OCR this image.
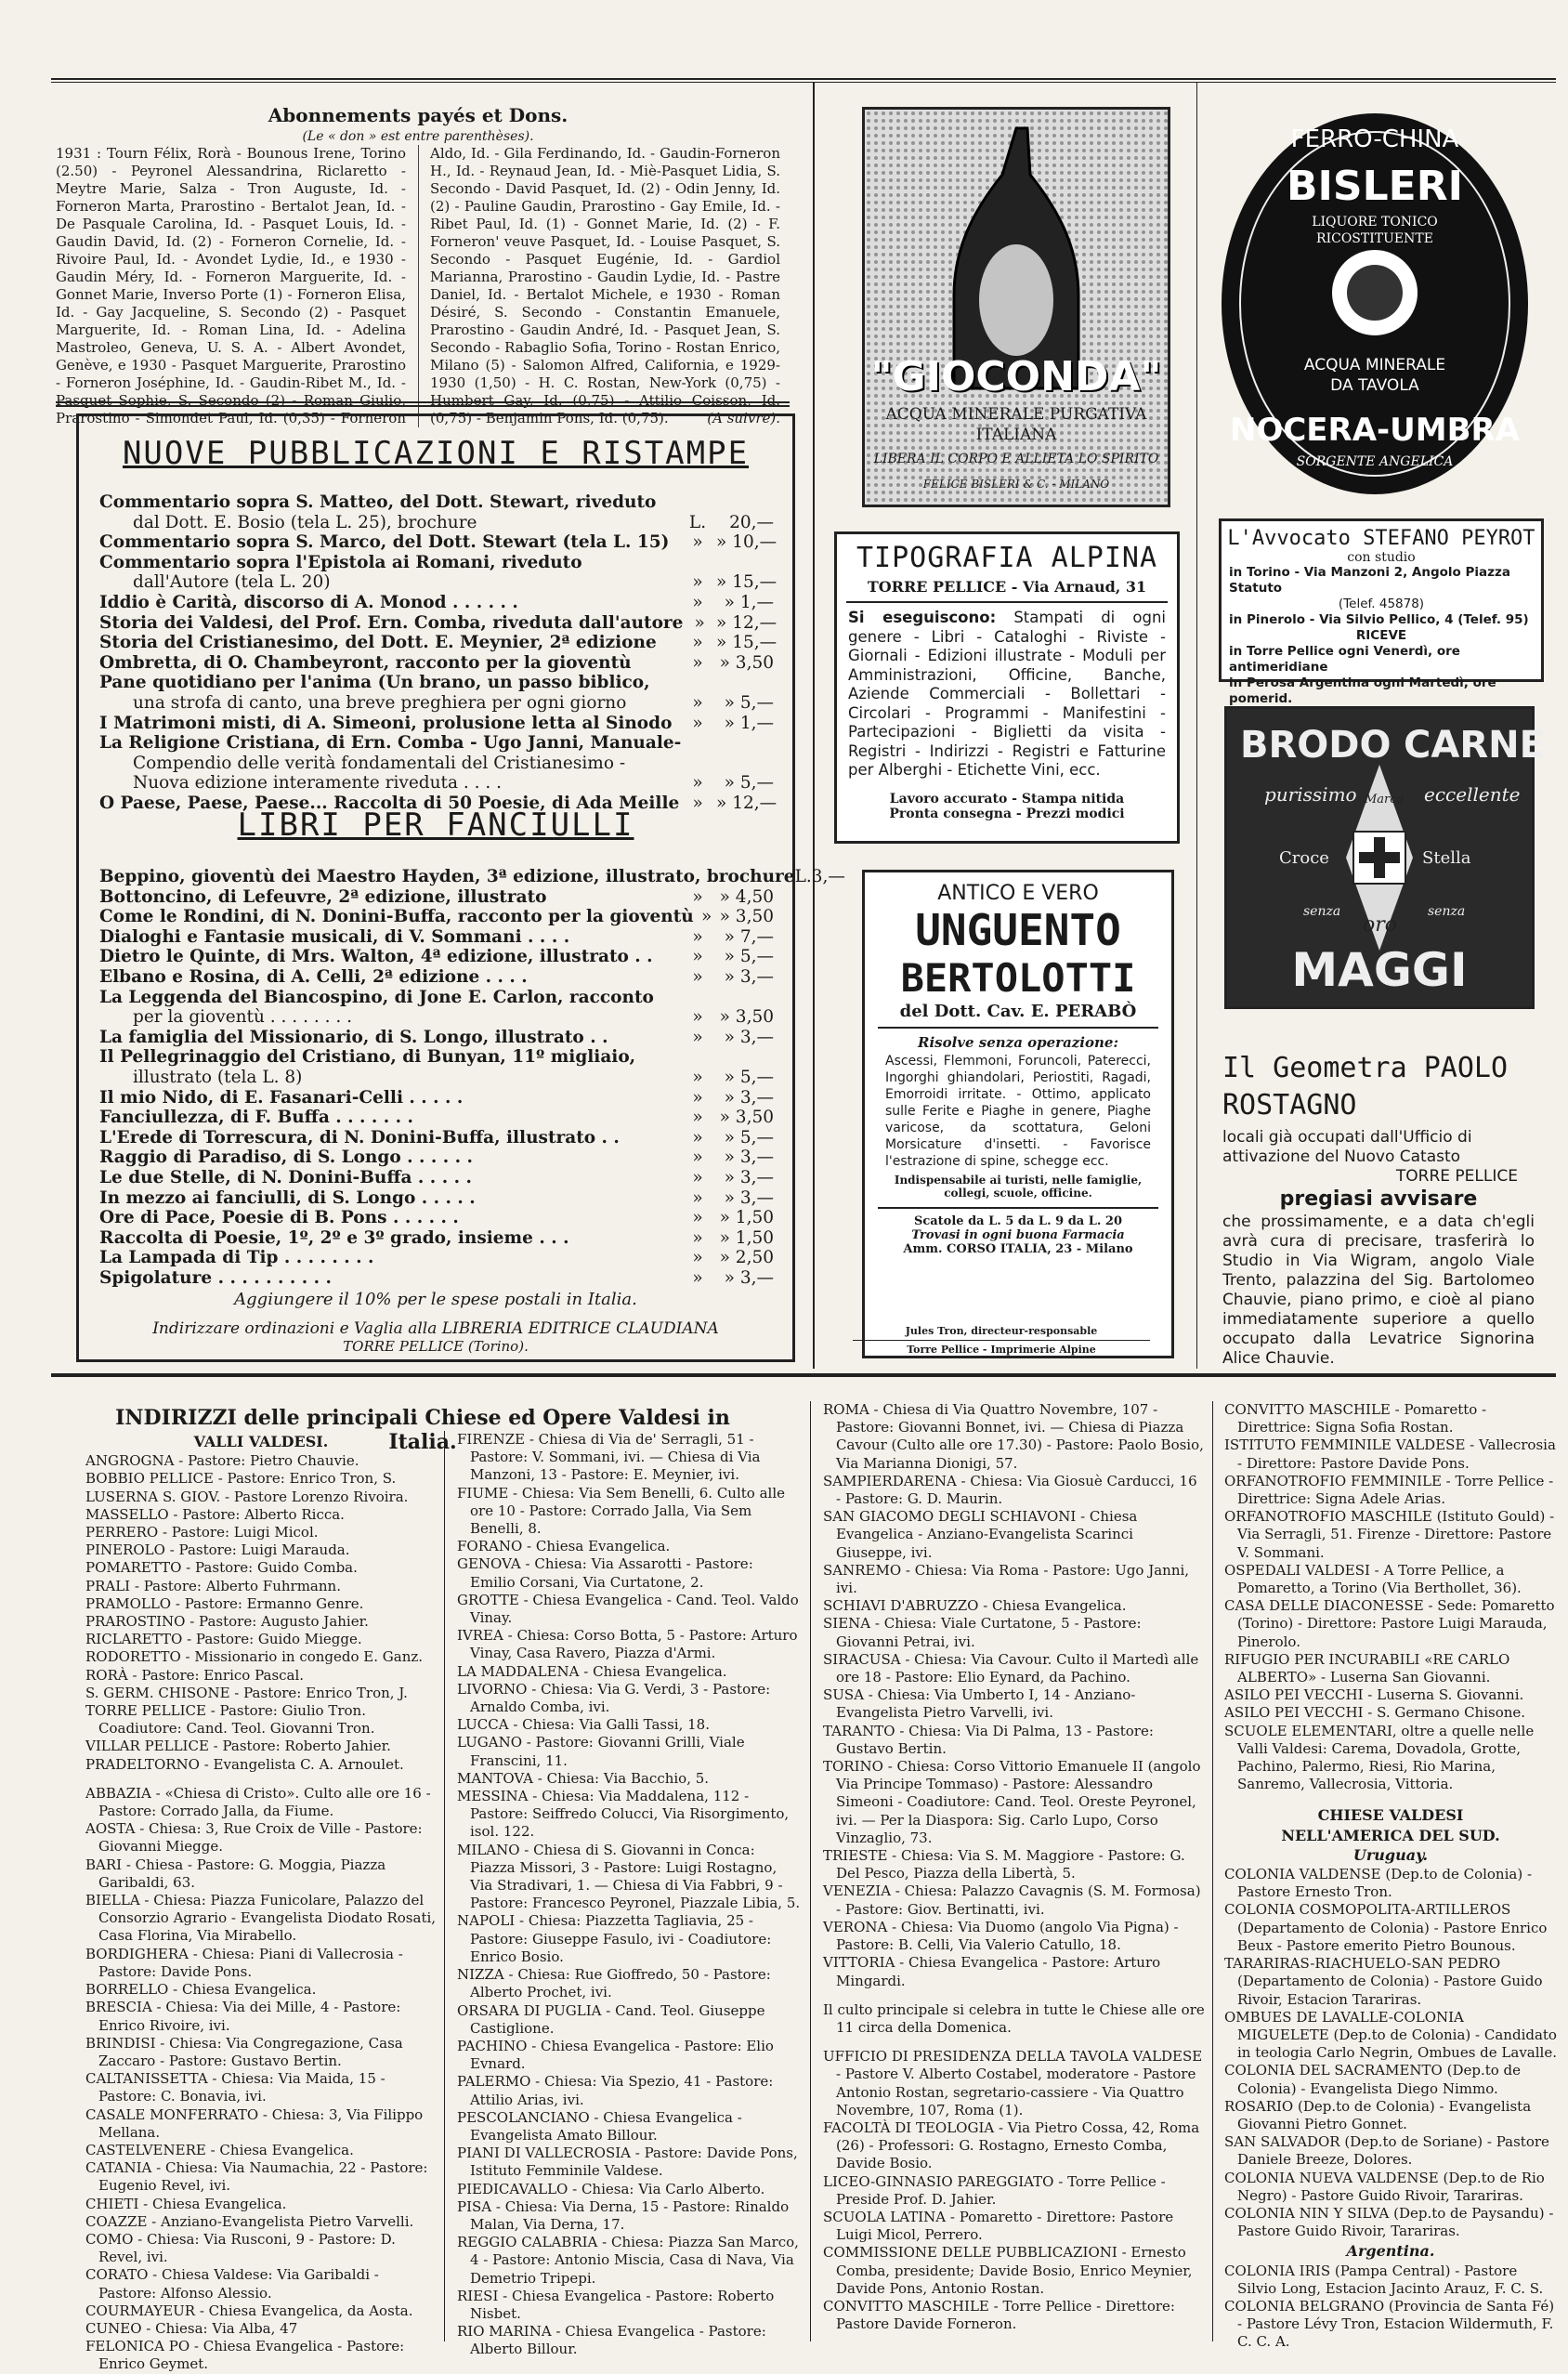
Abonnements payés et Dons.
(Le « don » est entre parenthèses).
1931 : Tourn Félix, Rorà - Bounous Irene, Torino (2.50) - Peyronel Alessandrina, Riclaretto - Meytre Marie, Salza - Tron Auguste, Id. - Forneron Marta, Prarostino - Bertalot Jean, Id. - De Pasquale Carolina, Id. - Pasquet Louis, Id. - Gaudin David, Id. (2) - Forneron Cornelie, Id. - Rivoire Paul, Id. - Avondet Lydie, Id., e 1930 - Gaudin Méry, Id. - Forneron Marguerite, Id. - Gonnet Marie, Inverso Porte (1) - Forneron Elisa, Id. - Gay Jacqueline, S. Secondo (2) - Pasquet Marguerite, Id. - Roman Lina, Id. - Adelina Mastroleo, Geneva, U. S. A. - Albert Avondet, Genève, e 1930 - Pasquet Marguerite, Prarostino - Forneron Joséphine, Id. - Gaudin-Ribet M., Id. - Pasquet Sophie, S. Secondo (2) - Roman Giulio, Prarostino - Simondet Paul, Id. (0,35) - Forneron Aldo, Id. - Gila Ferdinando, Id. - Gaudin-Forneron H., Id. - Reynaud Jean, Id. - Miè-Pasquet Lidia, S. Secondo - David Pasquet, Id. (2) - Odin Jenny, Id. (2) - Pauline Gaudin, Prarostino - Gay Emile, Id. - Ribet Paul, Id. (1) - Gonnet Marie, Id. (2) - F. Forneron' veuve Pasquet, Id. - Louise Pasquet, S. Secondo - Pasquet Eugénie, Id. - Gardiol Marianna, Prarostino - Gaudin Lydie, Id. - Pastre Daniel, Id. - Bertalot Michele, e 1930 - Roman Désiré, S. Secondo - Constantin Emanuele, Prarostino - Gaudin André, Id. - Pasquet Jean, S. Secondo - Rabaglio Sofia, Torino - Rostan Enrico, Milano (5) - Salomon Alfred, California, e 1929-1930 (1,50) - H. C. Rostan, New-York (0,75) - Humbert Gay, Id. (0,75) - Attilio Coisson, Id. (0,75) - Benjamin Pons, Id. (0,75).	(A suivre).
NUOVE PUBBLICAZIONI E RISTAMPE
Commentario sopra S. Matteo, del Dott. Stewart, riveduto
dal Dott. E. Bosio (tela L. 25), brochure	L.	20,—
Commentario sopra S. Marco, del Dott. Stewart (tela L. 15)	» » 10,—
Commentario sopra l'Epistola ai Romani, riveduto
dall'Autore (tela L. 20)	» » 15,—
Iddio è Carità, discorso di A. Monod . . . . . .	»	» 1,—
Storia dei Valdesi, del Prof. Ern. Comba, riveduta dall'autore » » 12,—
Storia del Cristianesimo, del Dott. E. Meynier, 2ª edizione	» » 15,—
Ombretta, di O. Chambeyront, racconto per la gioventù	» » 3,50
Pane quotidiano per l'anima (Un brano, un passo biblico,
una strofa di canto, una breve preghiera per ogni giorno	»	» 5,—
I Matrimoni misti, di A. Simeoni, prolusione letta al Sinodo	»	» 1,—
La Religione Cristiana, di Ern. Comba - Ugo Janni, Manuale-
Compendio delle verità fondamentali del Cristianesimo -
Nuova edizione interamente riveduta . . . .	»	» 5,—
O Paese, Paese, Paese... Raccolta di 50 Poesie, di Ada Meille » » 12,—
LIBRI PER FANCIULLI
Beppino, gioventù dei Maestro Hayden, 3ª edizione, illustrato, brochure L. 3,—
Bottoncino, di Lefeuvre, 2ª edizione, illustrato	» » 4,50
Come le Rondini, di N. Donini-Buffa, racconto per la gioventù » » 3,50
Dialoghi e Fantasie musicali, di V. Sommani . . . .	»	» 7,—
Dietro le Quinte, di Mrs. Walton, 4ª edizione, illustrato . .	»	» 5,—
Elbano e Rosina, di A. Celli, 2ª edizione . . . .	»	» 3,—
La Leggenda del Biancospino, di Jone E. Carlon, racconto
per la gioventù . . . . . . . .	» » 3,50
La famiglia del Missionario, di S. Longo, illustrato . .	»	» 3,—
Il Pellegrinaggio del Cristiano, di Bunyan, 11º migliaio,
illustrato (tela L. 8)	»	» 5,—
Il mio Nido, di E. Fasanari-Celli . . . . .	»	» 3,—
Fanciullezza, di F. Buffa . . . . . . .	» » 3,50
L'Erede di Torrescura, di N. Donini-Buffa, illustrato . .	»	» 5,—
Raggio di Paradiso, di S. Longo . . . . . .	»	» 3,—
Le due Stelle, di N. Donini-Buffa . . . . .	»	» 3,—
In mezzo ai fanciulli, di S. Longo . . . . .	»	» 3,—
Ore di Pace, Poesie di B. Pons . . . . . .	» » 1,50
Raccolta di Poesie, 1º, 2º e 3º grado, insieme . . .	» » 1,50
La Lampada di Tip . . . . . . . .	» » 2,50
Spigolature . . . . . . . . . .	»	» 3,—
Aggiungere il 10% per le spese postali in Italia.
Indirizzare ordinazioni e Vaglia alla LIBRERIA EDITRICE CLAUDIANA
TORRE PELLICE (Torino).
"GIOCONDA"
ACQUA MINERALE PURGATIVA
ITALIANA
LIBERA IL CORPO E ALLIETA LO SPIRITO
FELICE BISLERI & C. - MILANO
FERRO-CHINA
BISLERI
LIQUORE TONICO
RICOSTITUENTE
ACQUA MINERALE
DA TAVOLA
NOCERA-UMBRA
SORGENTE ANGELICA
TIPOGRAFIA ALPINA
TORRE PELLICE - Via Arnaud, 31
Si eseguiscono: Stampati di ogni genere - Libri - Cataloghi - Riviste - Giornali - Edizioni illustrate - Moduli per Amministrazioni, Officine, Banche, Aziende Commerciali - Bollettari - Circolari - Programmi - Manifestini - Partecipazioni - Biglietti da visita - Registri - Indirizzi - Registri e Fatturine per Alberghi - Etichette Vini, ecc.
Lavoro accurato - Stampa nitida
Pronta consegna - Prezzi modici
L'Avvocato STEFANO PEYROT
con studio
in Torino - Via Manzoni 2, Angolo Piazza Statuto
(Telef. 45878)
in Pinerolo - Via Silvio Pellico, 4 (Telef. 95)
RICEVE
in Torre Pellice ogni Venerdì, ore antimeridiane
in Perosa Argentina ogni Martedì, ore pomerid.
BRODO CARNE
purissimo Marca eccellente
Croce	Stella
senza
oro
senza
MAGGI
ANTICO E VERO
UNGUENTO
BERTOLOTTI
del Dott. Cav. E. PERABÒ
Risolve senza operazione:
Ascessi, Flemmoni, Foruncoli, Paterecci, Ingorghi ghiandolari, Periostiti, Ragadi, Emorroidi irritate. - Ottimo, applicato sulle Ferite e Piaghe in genere, Piaghe varicose, da scottatura, Geloni Morsicature d'insetti. - Favorisce l'estrazione di spine, schegge ecc.
Indispensabile ai turisti, nelle famiglie, collegi, scuole, officine.
Scatole da L. 5 da L. 9 da L. 20
Trovasi in ogni buona Farmacia
Amm. CORSO ITALIA, 23 - Milano
Jules Tron, directeur-responsable
Torre Pellice - Imprimerie Alpine
Il Geometra PAOLO ROSTAGNO
locali già occupati dall'Ufficio di attivazione del Nuovo Catasto
TORRE PELLICE
pregiasi avvisare
che prossimamente, e a data ch'egli avrà cura di precisare, trasferirà lo Studio in Via Wigram, angolo Viale Trento, palazzina del Sig. Bartolomeo Chauvie, piano primo, e cioè al piano immediatamente superiore a quello occupato dalla Levatrice Signorina Alice Chauvie.
INDIRIZZI delle principali Chiese ed Opere Valdesi in Italia.

VALLI VALDESI.

ANGROGNA - Pastore: Pietro Chauvie.

BOBBIO PELLICE - Pastore: Enrico Tron, S.

LUSERNA S. GIOV. - Pastore Lorenzo Rivoira.

MASSELLO - Pastore: Alberto Ricca.

PERRERO - Pastore: Luigi Micol.

PINEROLO - Pastore: Luigi Marauda.

POMARETTO - Pastore: Guido Comba.

PRALI - Pastore: Alberto Fuhrmann.

PRAMOLLO - Pastore: Ermanno Genre.

PRAROSTINO - Pastore: Augusto Jahier.

RICLARETTO - Pastore: Guido Miegge.

RODORETTO - Missionario in congedo E. Ganz.

RORÀ - Pastore: Enrico Pascal.

S. GERM. CHISONE - Pastore: Enrico Tron, J.

TORRE PELLICE - Pastore: Giulio Tron. Coadiutore: Cand. Teol. Giovanni Tron.

VILLAR PELLICE - Pastore: Roberto Jahier.

PRADELTORNO - Evangelista C. A. Arnoulet.

ABBAZIA - «Chiesa di Cristo». Culto alle ore 16 - Pastore: Corrado Jalla, da Fiume.

AOSTA - Chiesa: 3, Rue Croix de Ville - Pastore: Giovanni Miegge.

BARI - Chiesa - Pastore: G. Moggia, Piazza Garibaldi, 63.

BIELLA - Chiesa: Piazza Funicolare, Palazzo del Consorzio Agrario - Evangelista Diodato Rosati, Casa Florina, Via Mirabello.

BORDIGHERA - Chiesa: Piani di Vallecrosia - Pastore: Davide Pons.

BORRELLO - Chiesa Evangelica.

BRESCIA - Chiesa: Via dei Mille, 4 - Pastore: Enrico Rivoire, ivi.

BRINDISI - Chiesa: Via Congregazione, Casa Zaccaro - Pastore: Gustavo Bertin.

CALTANISSETTA - Chiesa: Via Maida, 15 - Pastore: C. Bonavia, ivi.

CASALE MONFERRATO - Chiesa: 3, Via Filippo Mellana.

CASTELVENERE - Chiesa Evangelica.

CATANIA - Chiesa: Via Naumachia, 22 - Pastore: Eugenio Revel, ivi.

CHIETI - Chiesa Evangelica.

COAZZE - Anziano-Evangelista Pietro Varvelli.

COMO - Chiesa: Via Rusconi, 9 - Pastore: D. Revel, ivi.

CORATO - Chiesa Valdese: Via Garibaldi - Pastore: Alfonso Alessio.

COURMAYEUR - Chiesa Evangelica, da Aosta.

CUNEO - Chiesa: Via Alba, 47

FELONICA PO - Chiesa Evangelica - Pastore: Enrico Geymet.

FIRENZE - Chiesa di Via de' Serragli, 51 - Pastore: V. Sommani, ivi. — Chiesa di Via Manzoni, 13 - Pastore: E. Meynier, ivi.

FIUME - Chiesa: Via Sem Benelli, 6. Culto alle ore 10 - Pastore: Corrado Jalla, Via Sem Benelli, 8.

FORANO - Chiesa Evangelica.

GENOVA - Chiesa: Via Assarotti - Pastore: Emilio Corsani, Via Curtatone, 2.

GROTTE - Chiesa Evangelica - Cand. Teol. Valdo Vinay.

IVREA - Chiesa: Corso Botta, 5 - Pastore: Arturo Vinay, Casa Ravero, Piazza d'Armi.

LA MADDALENA - Chiesa Evangelica.

LIVORNO - Chiesa: Via G. Verdi, 3 - Pastore: Arnaldo Comba, ivi.

LUCCA - Chiesa: Via Galli Tassi, 18.

LUGANO - Pastore: Giovanni Grilli, Viale Franscini, 11.

MANTOVA - Chiesa: Via Bacchio, 5.

MESSINA - Chiesa: Via Maddalena, 112 - Pastore: Seiffredo Colucci, Via Risorgimento, isol. 122.

MILANO - Chiesa di S. Giovanni in Conca: Piazza Missori, 3 - Pastore: Luigi Rostagno, Via Stradivari, 1. — Chiesa di Via Fabbri, 9 - Pastore: Francesco Peyronel, Piazzale Libia, 5.

NAPOLI - Chiesa: Piazzetta Tagliavia, 25 - Pastore: Giuseppe Fasulo, ivi - Coadiutore: Enrico Bosio.

NIZZA - Chiesa: Rue Gioffredo, 50 - Pastore: Alberto Prochet, ivi.

ORSARA DI PUGLIA - Cand. Teol. Giuseppe Castiglione.

PACHINO - Chiesa Evangelica - Pastore: Elio Evnard.

PALERMO - Chiesa: Via Spezio, 41 - Pastore: Attilio Arias, ivi.

PESCOLANCIANO - Chiesa Evangelica - Evangelista Amato Billour.

PIANI DI VALLECROSIA - Pastore: Davide Pons, Istituto Femminile Valdese.

PIEDICAVALLO - Chiesa: Via Carlo Alberto.

PISA - Chiesa: Via Derna, 15 - Pastore: Rinaldo Malan, Via Derna, 17.

REGGIO CALABRIA - Chiesa: Piazza San Marco, 4 - Pastore: Antonio Miscia, Casa di Nava, Via Demetrio Tripepi.

RIESI - Chiesa Evangelica - Pastore: Roberto Nisbet.

RIO MARINA - Chiesa Evangelica - Pastore: Alberto Billour.

ROMA - Chiesa di Via Quattro Novembre, 107 - Pastore: Giovanni Bonnet, ivi. — Chiesa di Piazza Cavour (Culto alle ore 17.30) - Pastore: Paolo Bosio, Via Marianna Dionigi, 57.

SAMPIERDARENA - Chiesa: Via Giosuè Carducci, 16 - Pastore: G. D. Maurin.

SAN GIACOMO DEGLI SCHIAVONI - Chiesa Evangelica - Anziano-Evangelista Scarinci Giuseppe, ivi.

SANREMO - Chiesa: Via Roma - Pastore: Ugo Janni, ivi.

SCHIAVI D'ABRUZZO - Chiesa Evangelica.

SIENA - Chiesa: Viale Curtatone, 5 - Pastore: Giovanni Petrai, ivi.

SIRACUSA - Chiesa: Via Cavour. Culto il Martedì alle ore 18 - Pastore: Elio Eynard, da Pachino.

SUSA - Chiesa: Via Umberto I, 14 - Anziano-Evangelista Pietro Varvelli, ivi.

TARANTO - Chiesa: Via Di Palma, 13 - Pastore: Gustavo Bertin.

TORINO - Chiesa: Corso Vittorio Emanuele II (angolo Via Principe Tommaso) - Pastore: Alessandro Simeoni - Coadiutore: Cand. Teol. Oreste Peyronel, ivi. — Per la Diaspora: Sig. Carlo Lupo, Corso Vinzaglio, 73.

TRIESTE - Chiesa: Via S. M. Maggiore - Pastore: G. Del Pesco, Piazza della Libertà, 5.

VENEZIA - Chiesa: Palazzo Cavagnis (S. M. Formosa) - Pastore: Giov. Bertinatti, ivi.

VERONA - Chiesa: Via Duomo (angolo Via Pigna) - Pastore: B. Celli, Via Valerio Catullo, 18.

VITTORIA - Chiesa Evangelica - Pastore: Arturo Mingardi.

Il culto principale si celebra in tutte le Chiese alle ore 11 circa della Domenica.

UFFICIO DI PRESIDENZA DELLA TAVOLA VALDESE - Pastore V. Alberto Costabel, moderatore - Pastore Antonio Rostan, segretario-cassiere - Via Quattro Novembre, 107, Roma (1).

FACOLTÀ DI TEOLOGIA - Via Pietro Cossa, 42, Roma (26) - Professori: G. Rostagno, Ernesto Comba, Davide Bosio.

LICEO-GINNASIO PAREGGIATO - Torre Pellice - Preside Prof. D. Jahier.

SCUOLA LATINA - Pomaretto - Direttore: Pastore Luigi Micol, Perrero.

COMMISSIONE DELLE PUBBLICAZIONI - Ernesto Comba, presidente; Davide Bosio, Enrico Meynier, Davide Pons, Antonio Rostan.

CONVITTO MASCHILE - Torre Pellice - Direttore: Pastore Davide Forneron.

CONVITTO MASCHILE - Pomaretto - Direttrice: Signa Sofia Rostan.

ISTITUTO FEMMINILE VALDESE - Vallecrosia - Direttore: Pastore Davide Pons.

ORFANOTROFIO FEMMINILE - Torre Pellice - Direttrice: Signa Adele Arias.

ORFANOTROFIO MASCHILE (Istituto Gould) - Via Serragli, 51. Firenze - Direttore: Pastore V. Sommani.

OSPEDALI VALDESI - A Torre Pellice, a Pomaretto, a Torino (Via Berthollet, 36).

CASA DELLE DIACONESSE - Sede: Pomaretto (Torino) - Direttore: Pastore Luigi Marauda, Pinerolo.

RIFUGIO PER INCURABILI «RE CARLO ALBERTO» - Luserna San Giovanni.

ASILO PEI VECCHI - Luserna S. Giovanni.

ASILO PEI VECCHI - S. Germano Chisone.

SCUOLE ELEMENTARI, oltre a quelle nelle Valli Valdesi: Carema, Dovadola, Grotte, Pachino, Palermo, Riesi, Rio Marina, Sanremo, Vallecrosia, Vittoria.

CHIESE VALDESI

NELL'AMERICA DEL SUD.

Uruguay.

COLONIA VALDENSE (Dep.to de Colonia) - Pastore Ernesto Tron.

COLONIA COSMOPOLITA-ARTILLEROS (Departamento de Colonia) - Pastore Enrico Beux - Pastore emerito Pietro Bounous.

TARARIRAS-RIACHUELO-SAN PEDRO (Departamento de Colonia) - Pastore Guido Rivoir, Estacion Tarariras.

OMBUES DE LAVALLE-COLONIA MIGUELETE (Dep.to de Colonia) - Candidato in teologia Carlo Negrin, Ombues de Lavalle.

COLONIA DEL SACRAMENTO (Dep.to de Colonia) - Evangelista Diego Nimmo.

ROSARIO (Dep.to de Colonia) - Evangelista Giovanni Pietro Gonnet.

SAN SALVADOR (Dep.to de Soriane) - Pastore Daniele Breeze, Dolores.

COLONIA NUEVA VALDENSE (Dep.to de Rio Negro) - Pastore Guido Rivoir, Tarariras.

COLONIA NIN Y SILVA (Dep.to de Paysandu) - Pastore Guido Rivoir, Tarariras.

Argentina.

COLONIA IRIS (Pampa Central) - Pastore Silvio Long, Estacion Jacinto Arauz, F. C. S.

COLONIA BELGRANO (Provincia de Santa Fé) - Pastore Lévy Tron, Estacion Wildermuth, F. C. C. A.
